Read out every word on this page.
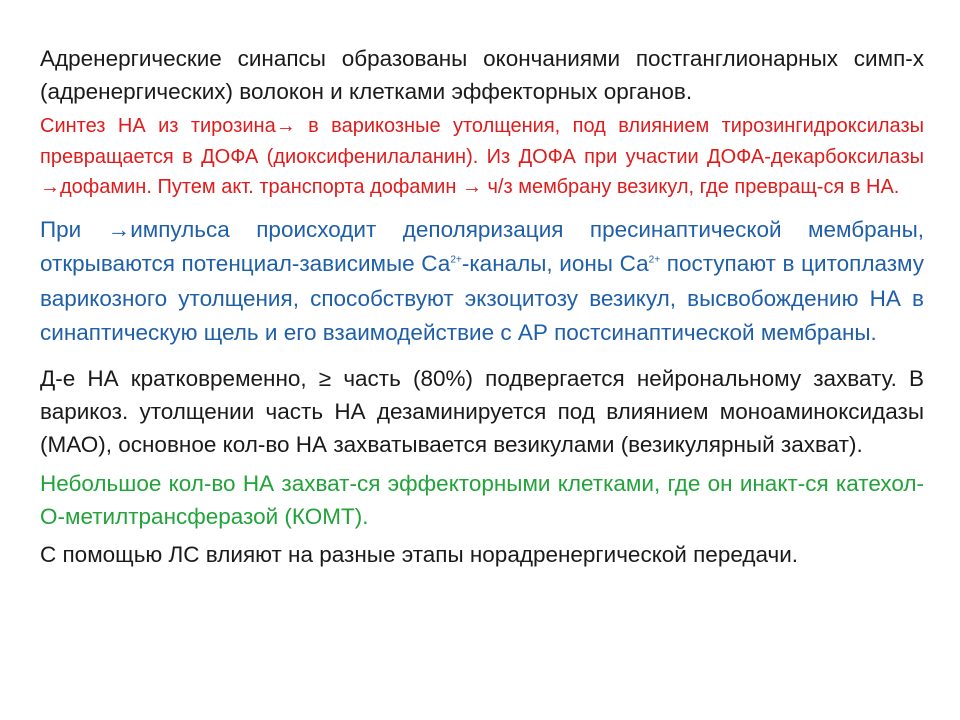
Адренергические синапсы образованы окончаниями постганглионарных симп-х (адренергических) волокон и клетками эффекторных органов.

Синтез НА из тирозина→ в варикозные утолщения, под влиянием тирозингидроксилазы превращается в ДОФА (диоксифенилаланин). Из ДОФА при участии ДОФА-декарбоксилазы →дофамин. Путем акт. транспорта дофамин → ч/з мембрану везикул, где превращ-ся в НА.

При →импульса происходит деполяризация пресинаптической мембраны, открываются потенциал-зависимые $Са^{2+}$-каналы, ионы $Са^{2+}$ поступают в цитоплазму варикозного утолщения, способствуют экзоцитозу везикул, высвобождению НА в синаптическую щель и его взаимодействие с АР постсинаптической мембраны.

Д-е НА кратковременно, ≥ часть (80%) подвергается нейрональному захвату. В варикоз. утолщении часть НА дезаминируется под влиянием моноаминоксидазы (МАО), основное кол-во НА захватывается везикулами (везикулярный захват).

Небольшое кол-во НА захват-ся эффекторными клетками, где он инакт-ся катехол-О-метилтрансферазой (КОМТ).

С помощью ЛС влияют на разные этапы норадренергической передачи.
